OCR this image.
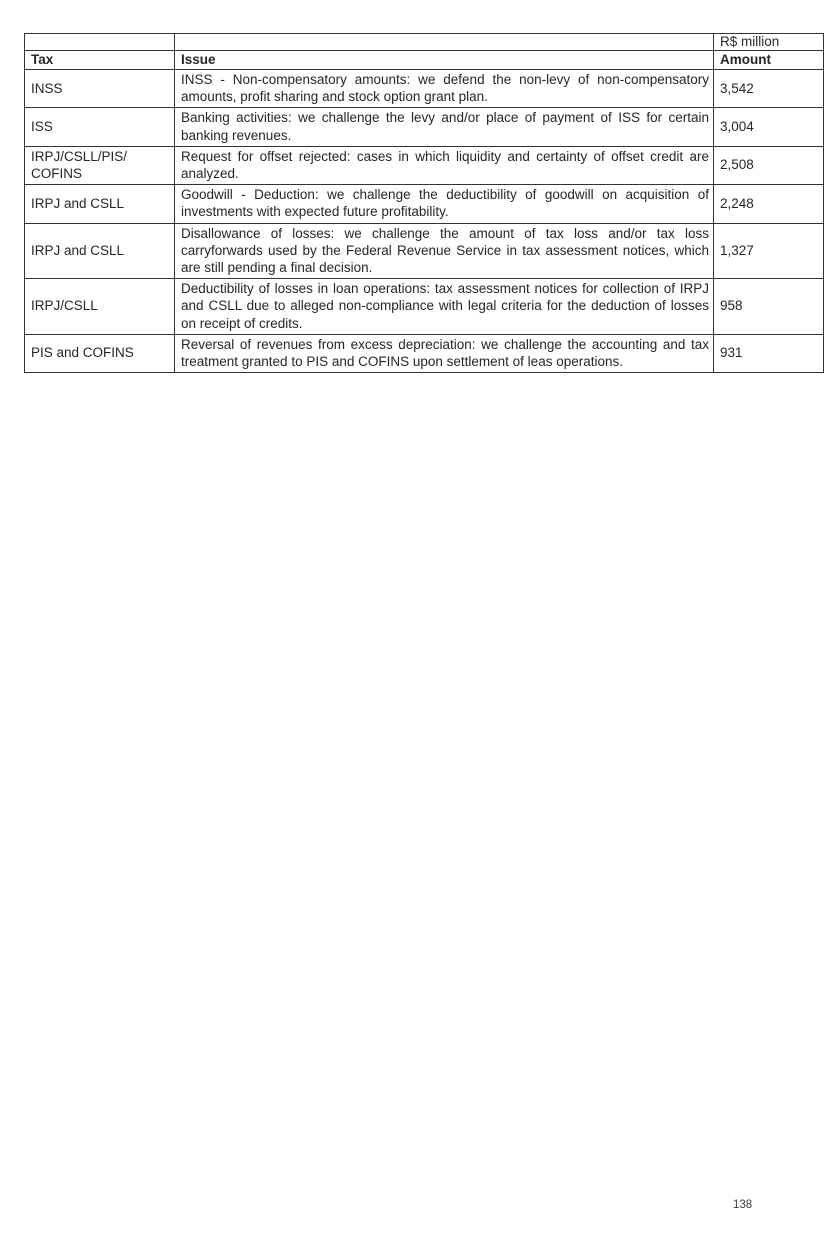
		R$ million
Tax	Issue	Amount
INSS	INSS - Non-compensatory amounts: we defend the non-levy of non-compensatory amounts, profit sharing and stock option grant plan.	3,542
ISS	Banking activities: we challenge the levy and/or place of payment of ISS for certain banking revenues.	3,004
IRPJ/CSLL/PIS/ COFINS	Request for offset rejected: cases in which liquidity and certainty of offset credit are analyzed.	2,508
IRPJ and CSLL	Goodwill - Deduction: we challenge the deductibility of goodwill on acquisition of investments with expected future profitability.	2,248
IRPJ and CSLL	Disallowance of losses: we challenge the amount of tax loss and/or tax loss carryforwards used by the Federal Revenue Service in tax assessment notices, which are still pending a final decision.	1,327
IRPJ/CSLL	Deductibility of losses in loan operations: tax assessment notices for collection of IRPJ and CSLL due to alleged non-compliance with legal criteria for the deduction of losses on receipt of credits.	958
PIS and COFINS	Reversal of revenues from excess depreciation: we challenge the accounting and tax treatment granted to PIS and COFINS upon settlement of leas operations.	931
138
